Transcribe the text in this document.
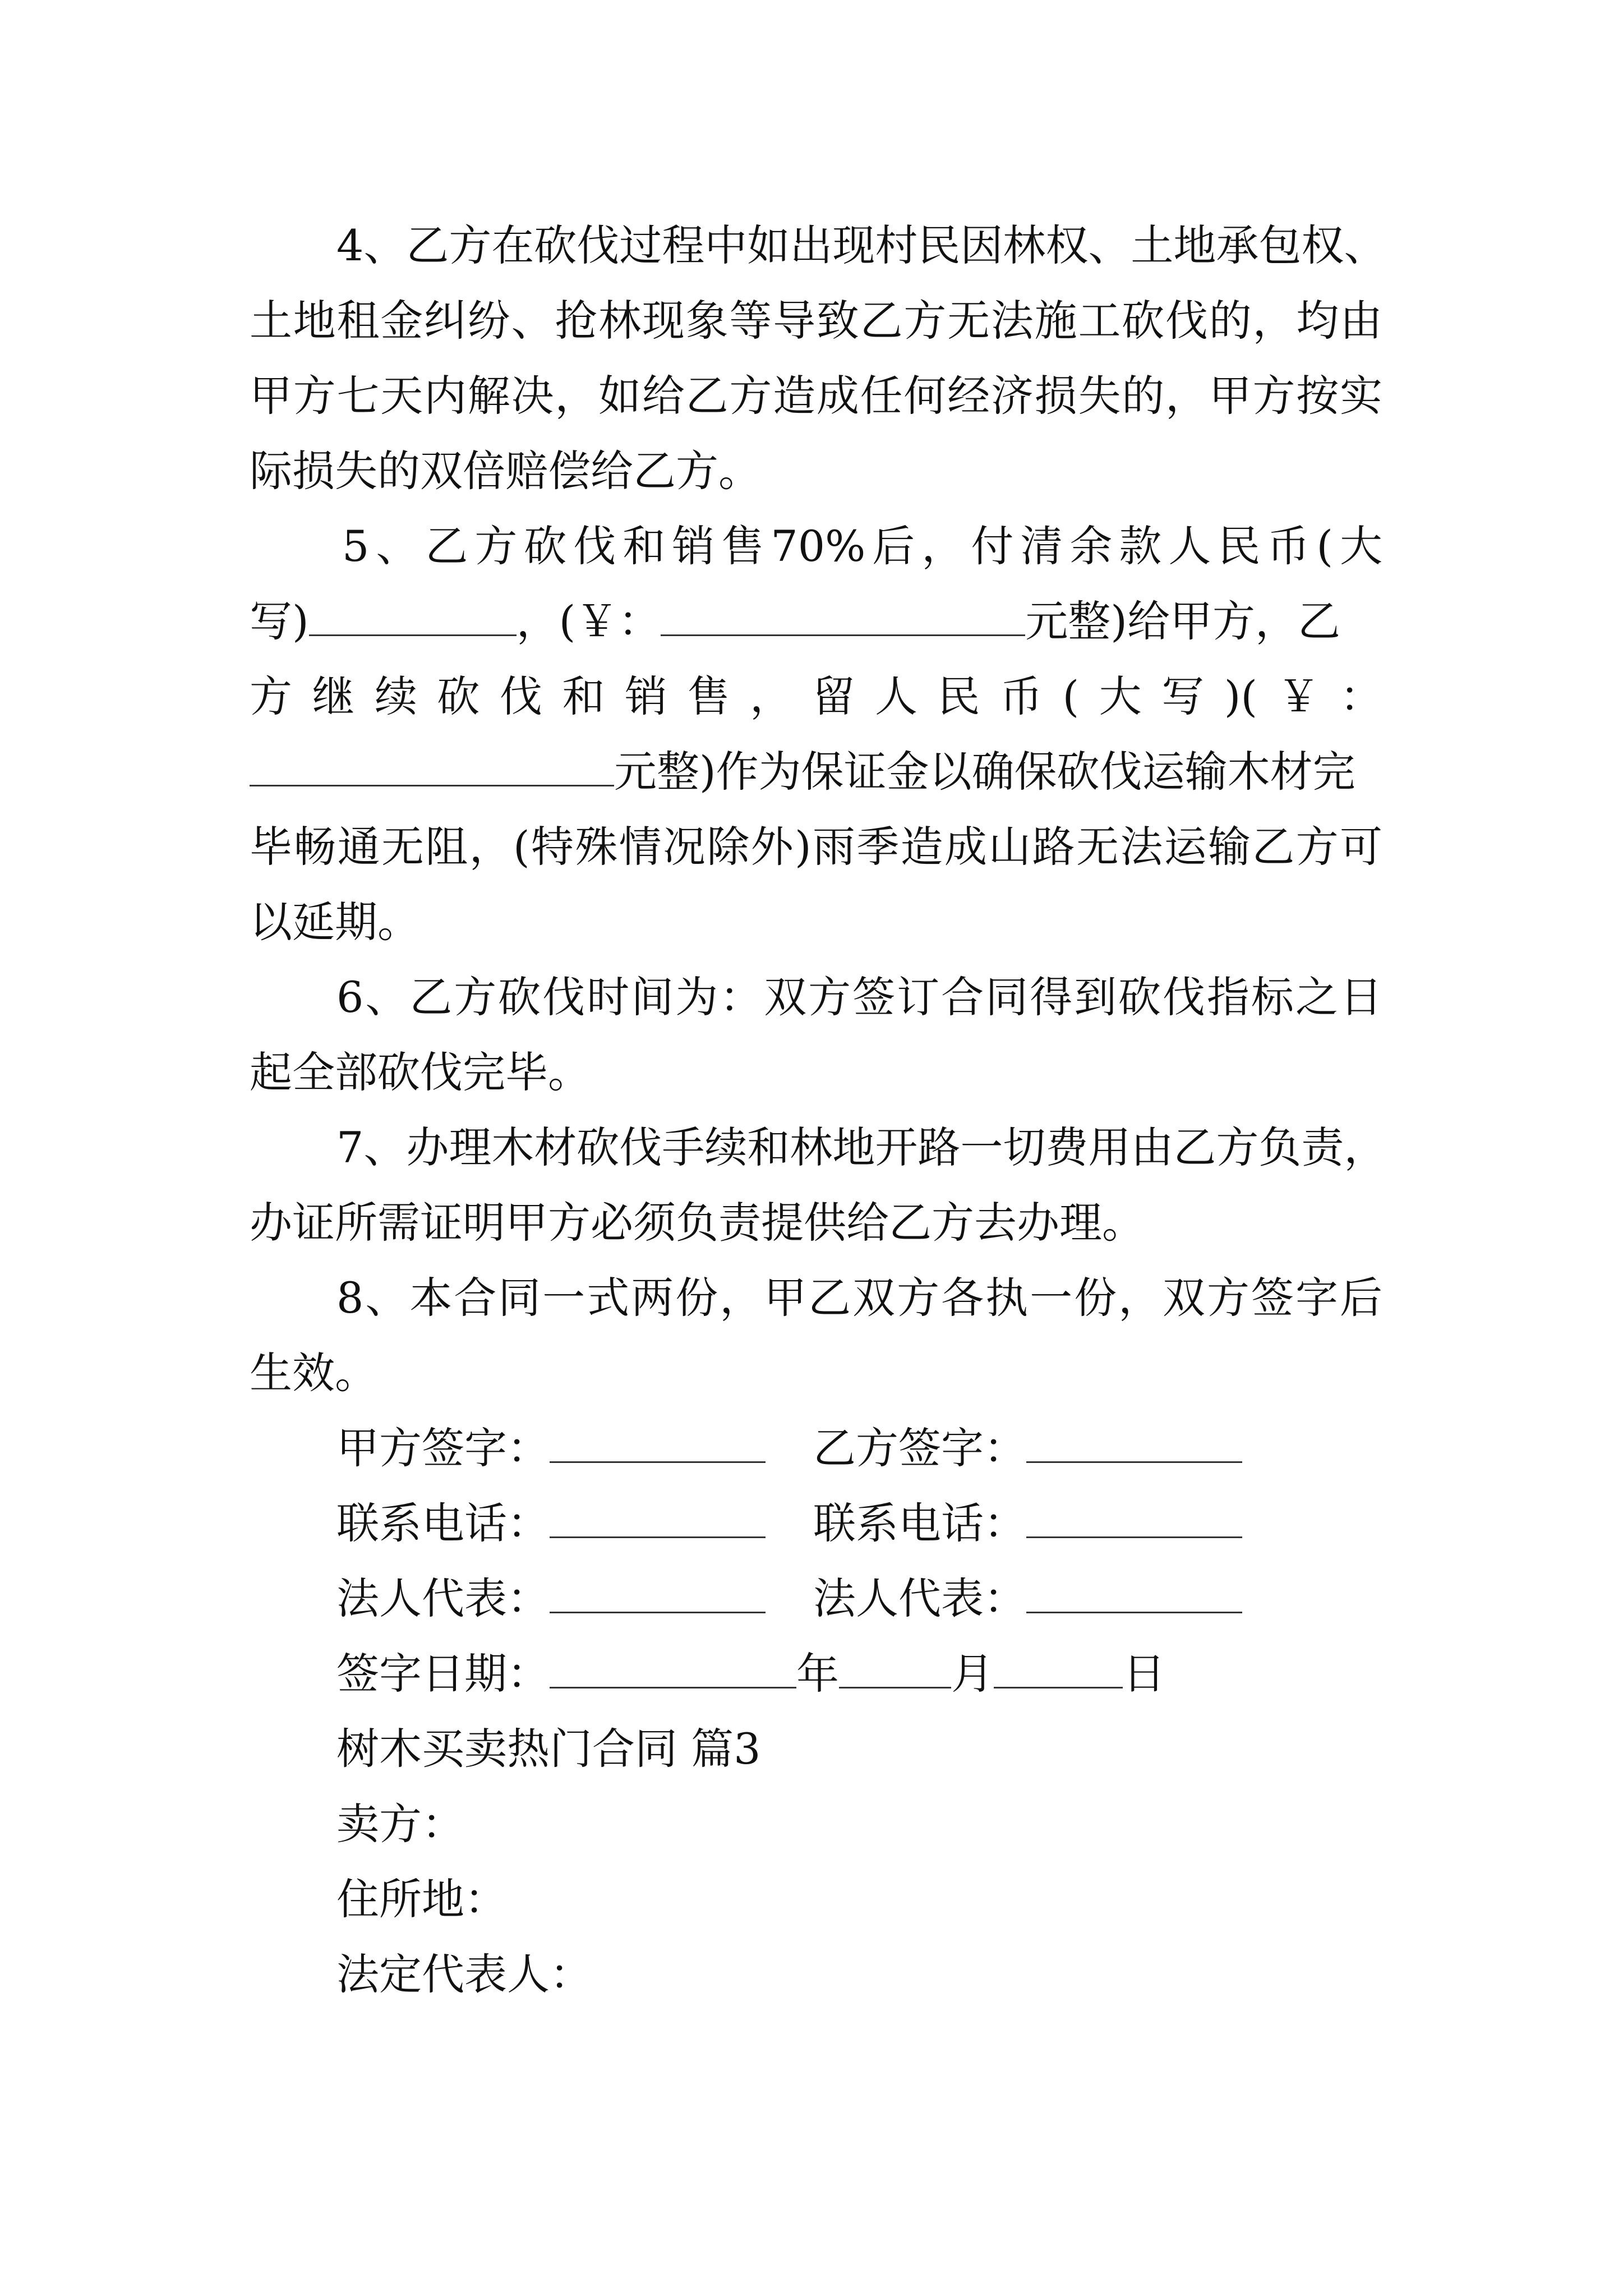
4、乙方在砍伐过程中如出现村民因林权、土地承包权、
土地租金纠纷、抢林现象等导致乙方无法施工砍伐的，均由
甲方七天内解决，如给乙方造成任何经济损失的，甲方按实
际损失的双倍赔偿给乙方。
5、乙方砍伐和销售70%后，付清余款人民币(大
写)	，(￥：	元整)给甲方，乙
方继续砍伐和销售，留人民币(大写)(￥：
元整)作为保证金以确保砍伐运输木材完
毕畅通无阻，(特殊情况除外)雨季造成山路无法运输乙方可
以延期。
6、乙方砍伐时间为：双方签订合同得到砍伐指标之日
起全部砍伐完毕。
7、办理木材砍伐手续和林地开路一切费用由乙方负责，
办证所需证明甲方必须负责提供给乙方去办理。
8、本合同一式两份，甲乙双方各执一份，双方签字后
生效。
甲方签字：	乙方签字：
联系电话：	联系电话：
法人代表：	法人代表：
签字日期：	年	月	日
树木买卖热门合同 篇3
卖方：
住所地：
法定代表人：
